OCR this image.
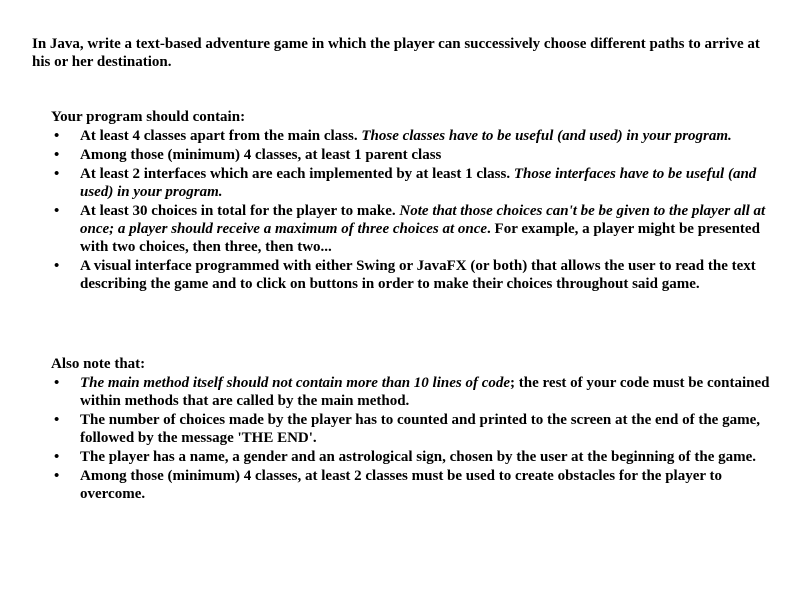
In Java, write a text-based adventure game in which the player can successively choose different paths to arrive at his or her destination.

Your program should contain:

• At least 4 classes apart from the main class. Those classes have to be useful (and used) in your program.
• Among those (minimum) 4 classes, at least 1 parent class
• At least 2 interfaces which are each implemented by at least 1 class. Those interfaces have to be useful (and used) in your program.
• At least 30 choices in total for the player to make. Note that those choices can't be be given to the player all at once; a player should receive a maximum of three choices at once. For example, a player might be presented with two choices, then three, then two...
• A visual interface programmed with either Swing or JavaFX (or both) that allows the user to read the text describing the game and to click on buttons in order to make their choices throughout said game.

Also note that:

• The main method itself should not contain more than 10 lines of code; the rest of your code must be contained within methods that are called by the main method.
• The number of choices made by the player has to counted and printed to the screen at the end of the game, followed by the message 'THE END'.
• The player has a name, a gender and an astrological sign, chosen by the user at the beginning of the game.
• Among those (minimum) 4 classes, at least 2 classes must be used to create obstacles for the player to overcome.
